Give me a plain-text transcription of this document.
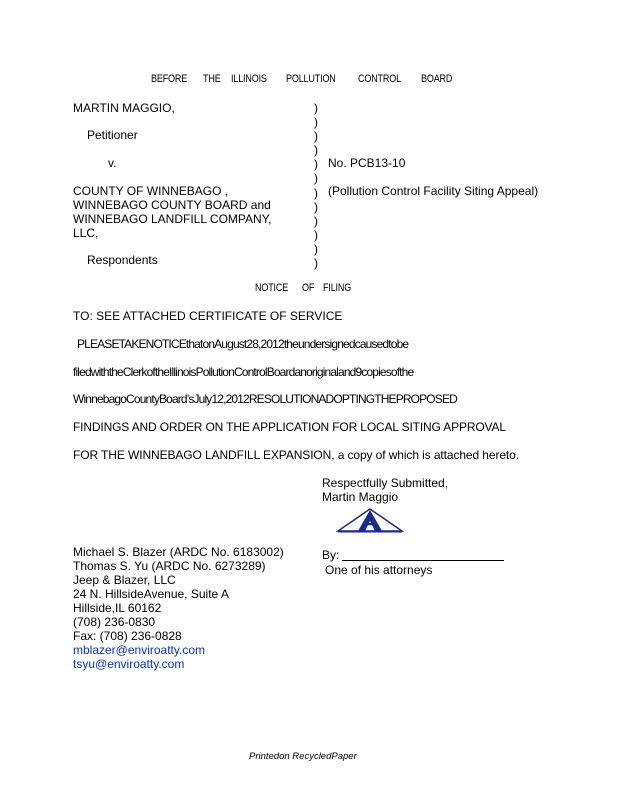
BEFORE THE ILLINOIS POLLUTION CONTROL BOARD
MARTIN MAGGIO,
Petitioner
v.
COUNTY OF WINNEBAGO ,
WINNEBAGO COUNTY BOARD and
WINNEBAGO LANDFILL COMPANY,
LLC,
Respondents
)
)
)
)
)
)
)
)
)
)
)
)
No. PCB13-10
(Pollution Control Facility Siting Appeal)
NOTICE OF FILING
TO: SEE ATTACHED CERTIFICATE OF SERVICE
PLEASETAKENOTICEthatonAugust28,2012theundersignedcausedtobe
filedwiththeClerkoftheIllinoisPollutionControlBoardanoriginaland9copiesofthe
WinnebagoCountyBoard’sJuly12,2012RESOLUTIONADOPTINGTHEPROPOSED
FINDINGS AND ORDER ON THE APPLICATION FOR LOCAL SITING APPROVAL
FOR THE WINNEBAGO LANDFILL EXPANSION, a copy of which is attached hereto.
Respectfully Submitted,
Martin Maggio
By:
One of his attorneys
Michael S. Blazer (ARDC No. 6183002)
Thomas S. Yu (ARDC No. 6273289)
Jeep & Blazer, LLC
24 N. HillsideAvenue, Suite A
Hillside,IL 60162
(708) 236-0830
Fax: (708) 236-0828
mblazer@enviroatty.com
tsyu@enviroatty.com
Printedon RecycledPaper
